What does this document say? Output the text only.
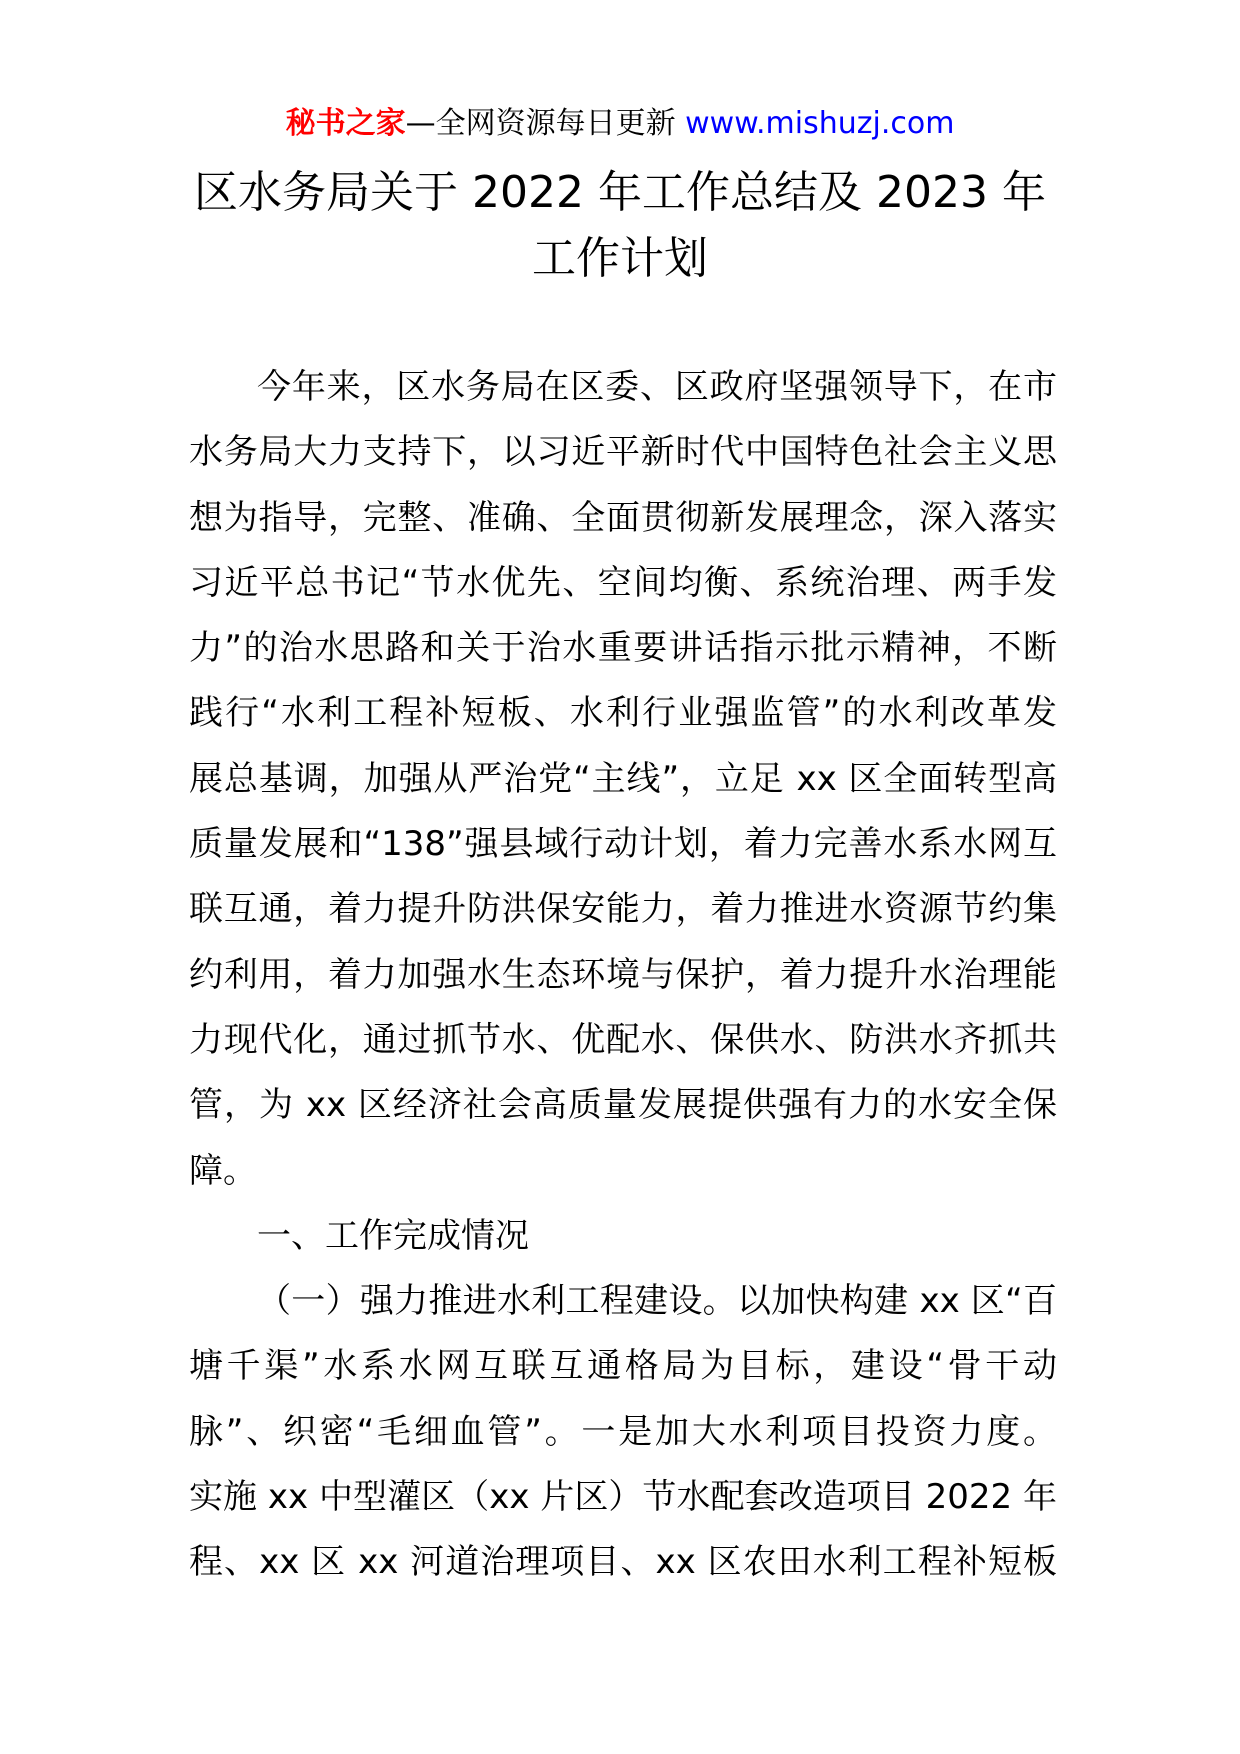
秘书之家—全网资源每日更新 www.mishuzj.com
区水务局关于 2022 年工作总结及 2023 年
工作计划
今年来，区水务局在区委、区政府坚强领导下，在市
水务局大力支持下，以习近平新时代中国特色社会主义思
想为指导，完整、准确、全面贯彻新发展理念，深入落实
习近平总书记“节水优先、空间均衡、系统治理、两手发
力”的治水思路和关于治水重要讲话指示批示精神，不断
践行“水利工程补短板、水利行业强监管”的水利改革发
展总基调，加强从严治党“主线”，立足 xx 区全面转型高
质量发展和“138”强县域行动计划，着力完善水系水网互
联互通，着力提升防洪保安能力，着力推进水资源节约集
约利用，着力加强水生态环境与保护，着力提升水治理能
力现代化，通过抓节水、优配水、保供水、防洪水齐抓共
管，为 xx 区经济社会高质量发展提供强有力的水安全保
障。
一、工作完成情况
（一）强力推进水利工程建设。以加快构建 xx 区“百
塘千渠”水系水网互联互通格局为目标，建设“骨干动
脉”、织密“毛细血管”。一是加大水利项目投资力度。
实施 xx 中型灌区（xx 片区）节水配套改造项目 2022 年
程、xx 区 xx 河道治理项目、xx 区农田水利工程补短板
